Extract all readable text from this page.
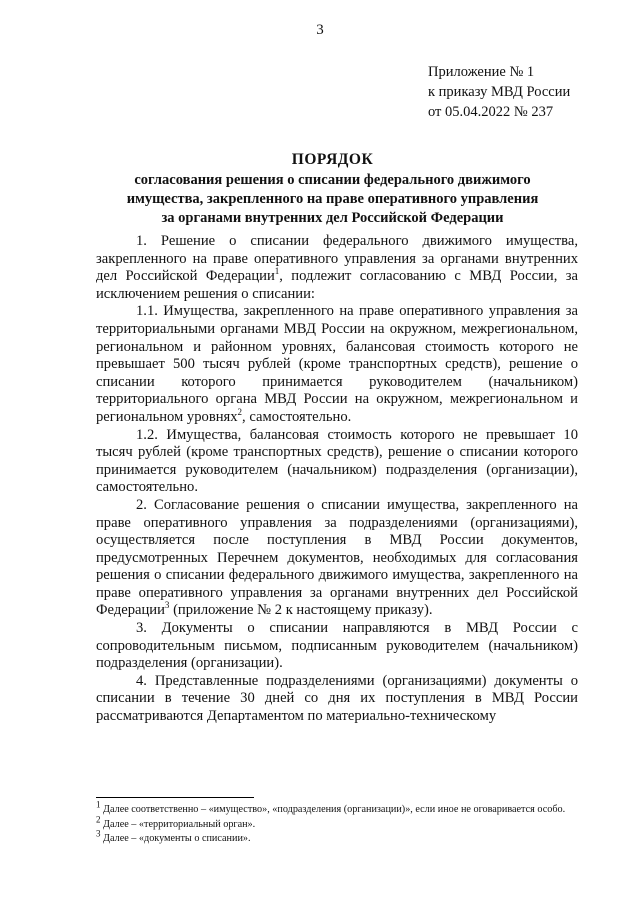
3
Приложение № 1
к приказу МВД России
от 05.04.2022 № 237
ПОРЯДОК
согласования решения о списании федерального движимого
имущества, закрепленного на праве оперативного управления
за органами внутренних дел Российской Федерации

1. Решение о списании федерального движимого имущества, закрепленного на праве оперативного управления за органами внутренних дел Российской Федерации$^1$, подлежит согласованию с МВД России, за исключением решения о списании:

1.1. Имущества, закрепленного на праве оперативного управления за территориальными органами МВД России на окружном, межрегиональном, региональном и районном уровнях, балансовая стоимость которого не превышает 500 тысяч рублей (кроме транспортных средств), решение о списании которого принимается руководителем (начальником) территориального органа МВД России на окружном, межрегиональном и региональном уровнях$^2$, самостоятельно.

1.2. Имущества, балансовая стоимость которого не превышает 10 тысяч рублей (кроме транспортных средств), решение о списании которого принимается руководителем (начальником) подразделения (организации), самостоятельно.

2. Согласование решения о списании имущества, закрепленного на праве оперативного управления за подразделениями (организациями), осуществляется после поступления в МВД России документов, предусмотренных Перечнем документов, необходимых для согласования решения о списании федерального движимого имущества, закрепленного на праве оперативного управления за органами внутренних дел Российской Федерации$^3$ (приложение № 2 к настоящему приказу).

3. Документы о списании направляются в МВД России с сопроводительным письмом, подписанным руководителем (начальником) подразделения (организации).

4. Представленные подразделениями (организациями) документы о списании в течение 30 дней со дня их поступления в МВД России рассматриваются Департаментом по материально-техническому

$^1$ Далее соответственно – «имущество», «подразделения (организации)», если иное не оговаривается особо.

$^2$ Далее – «территориальный орган».

$^3$ Далее – «документы о списании».
